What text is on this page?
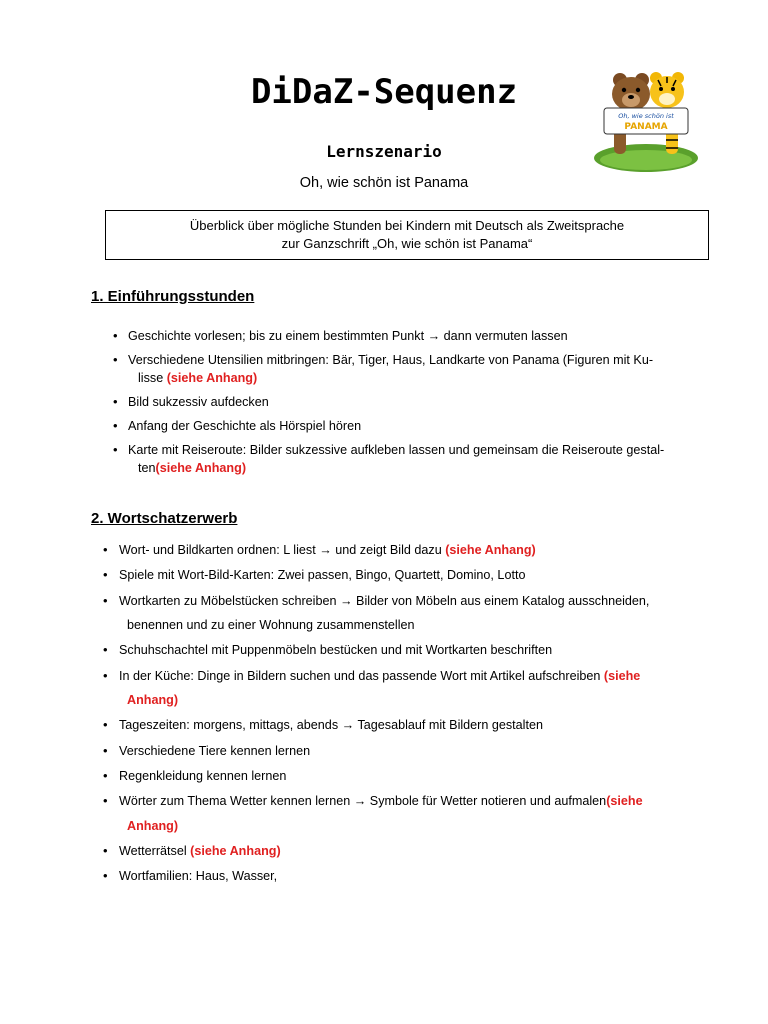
DiDaZ-Sequenz
Lernszenario
Oh, wie schön ist Panama
Oh, wie schön ist
PANAMA
Überblick über mögliche Stunden bei Kindern mit Deutsch als Zweitsprache
zur Ganzschrift „Oh, wie schön ist Panama“
1. Einführungsstunden
• Geschichte vorlesen; bis zu einem bestimmten Punkt → dann vermuten lassen
• Verschiedene Utensilien mitbringen: Bär, Tiger, Haus, Landkarte von Panama (Figuren mit Ku-
lisse (siehe Anhang)
• Bild sukzessiv aufdecken
• Anfang der Geschichte als Hörspiel hören
• Karte mit Reiseroute: Bilder sukzessive aufkleben lassen und gemeinsam die Reiseroute gestal-
ten(siehe Anhang)
2. Wortschatzerwerb
• Wort- und Bildkarten ordnen: L liest → und zeigt Bild dazu (siehe Anhang)
• Spiele mit Wort-Bild-Karten: Zwei passen, Bingo, Quartett, Domino, Lotto
• Wortkarten zu Möbelstücken schreiben → Bilder von Möbeln aus einem Katalog ausschneiden,
benennen und zu einer Wohnung zusammenstellen
• Schuhschachtel mit Puppenmöbeln bestücken und mit Wortkarten beschriften
• In der Küche: Dinge in Bildern suchen und das passende Wort mit Artikel aufschreiben (siehe
Anhang)
• Tageszeiten: morgens, mittags, abends → Tagesablauf mit Bildern gestalten
• Verschiedene Tiere kennen lernen
• Regenkleidung kennen lernen
• Wörter zum Thema Wetter kennen lernen → Symbole für Wetter notieren und aufmalen(siehe
Anhang)
• Wetterrätsel (siehe Anhang)
• Wortfamilien: Haus, Wasser,
